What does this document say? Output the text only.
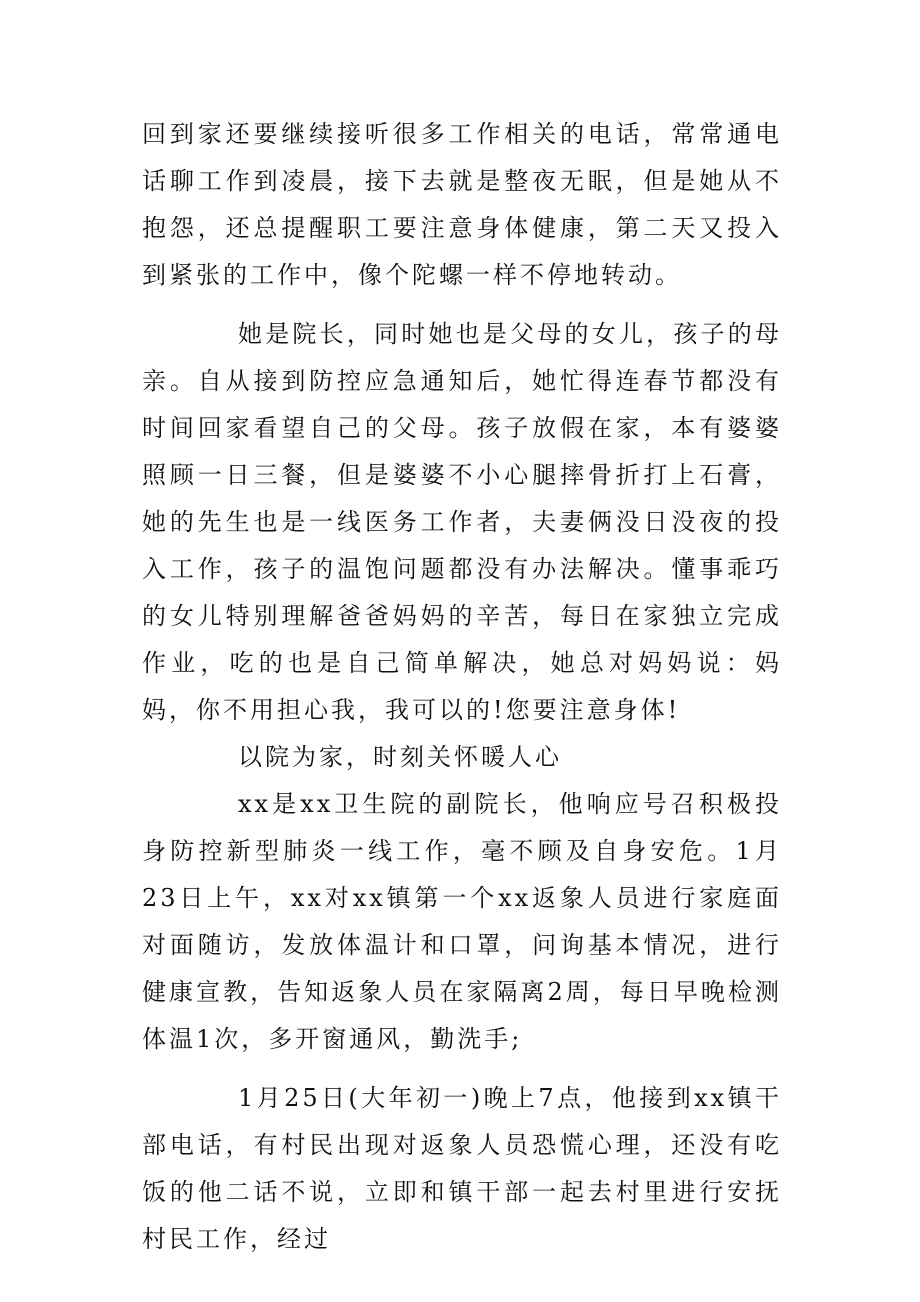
回到家还要继续接听很多工作相关的电话，常常通电话聊工作到凌晨，接下去就是整夜无眠，但是她从不抱怨，还总提醒职工要注意身体健康，第二天又投入到紧张的工作中，像个陀螺一样不停地转动。

她是院长，同时她也是父母的女儿，孩子的母亲。自从接到防控应急通知后，她忙得连春节都没有时间回家看望自己的父母。孩子放假在家，本有婆婆照顾一日三餐，但是婆婆不小心腿摔骨折打上石膏，她的先生也是一线医务工作者，夫妻俩没日没夜的投入工作，孩子的温饱问题都没有办法解决。懂事乖巧的女儿特别理解爸爸妈妈的辛苦，每日在家独立完成作业，吃的也是自己简单解决，她总对妈妈说：妈妈，你不用担心我，我可以的!您要注意身体!

以院为家，时刻关怀暖人心

xx是xx卫生院的副院长，他响应号召积极投身防控新型肺炎一线工作，毫不顾及自身安危。1月23日上午，xx对xx镇第一个xx返象人员进行家庭面对面随访，发放体温计和口罩，问询基本情况，进行健康宣教，告知返象人员在家隔离2周，每日早晚检测体温1次，多开窗通风，勤洗手;

1月25日(大年初一)晚上7点，他接到xx镇干部电话，有村民出现对返象人员恐慌心理，还没有吃饭的他二话不说，立即和镇干部一起去村里进行安抚村民工作，经过
